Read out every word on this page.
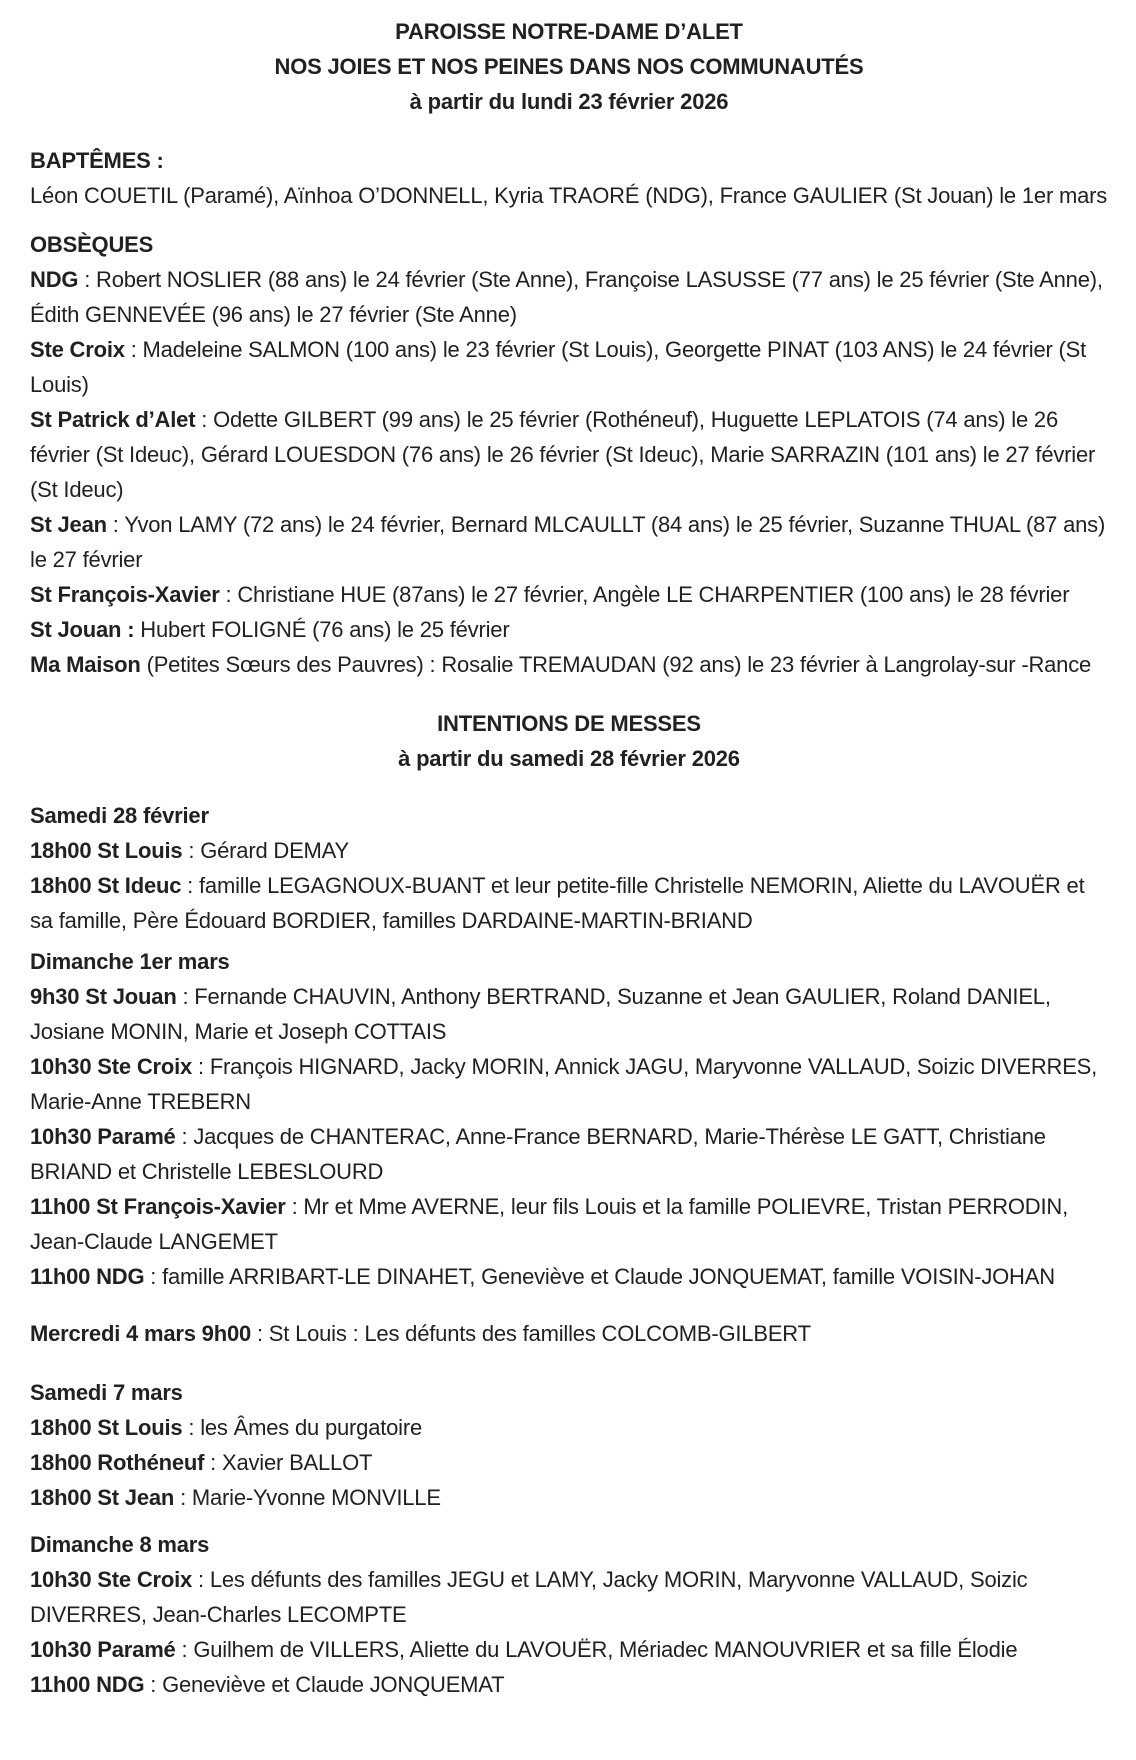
PAROISSE NOTRE-DAME D’ALET

NOS JOIES ET NOS PEINES DANS NOS COMMUNAUTÉS

à partir du lundi 23 février 2026

BAPTÊMES :

Léon COUETIL (Paramé), Aïnhoa O’DONNELL, Kyria TRAORÉ (NDG), France GAULIER (St Jouan) le 1er mars

OBSÈQUES

NDG : Robert NOSLIER (88 ans) le 24 février (Ste Anne), Françoise LASUSSE (77 ans) le 25 février (Ste Anne), Édith GENNEVÉE (96 ans) le 27 février (Ste Anne)

Ste Croix : Madeleine SALMON (100 ans) le 23 février (St Louis), Georgette PINAT (103 ANS) le 24 février (St Louis)

St Patrick d’Alet : Odette GILBERT (99 ans) le 25 février (Rothéneuf), Huguette LEPLATOIS (74 ans) le 26 février (St Ideuc), Gérard LOUESDON (76 ans) le 26 février (St Ideuc), Marie SARRAZIN (101 ans) le 27 février (St Ideuc)

St Jean : Yvon LAMY (72 ans) le 24 février, Bernard MLCAULLT (84 ans) le 25 février, Suzanne THUAL (87 ans) le 27 février

St François-Xavier : Christiane HUE (87ans) le 27 février, Angèle LE CHARPENTIER (100 ans) le 28 février

St Jouan : Hubert FOLIGNÉ (76 ans) le 25 février

Ma Maison (Petites Sœurs des Pauvres) : Rosalie TREMAUDAN (92 ans) le 23 février à Langrolay-sur -Rance

INTENTIONS DE MESSES

à partir du samedi 28 février 2026

Samedi 28 février

18h00 St Louis : Gérard DEMAY

18h00 St Ideuc : famille LEGAGNOUX-BUANT et leur petite-fille Christelle NEMORIN, Aliette du LAVOUËR et sa famille, Père Édouard BORDIER, familles DARDAINE-MARTIN-BRIAND

Dimanche 1er mars

9h30 St Jouan : Fernande CHAUVIN, Anthony BERTRAND, Suzanne et Jean GAULIER, Roland DANIEL, Josiane MONIN, Marie et Joseph COTTAIS

10h30 Ste Croix : François HIGNARD, Jacky MORIN, Annick JAGU, Maryvonne VALLAUD, Soizic DIVERRES, Marie-Anne TREBERN

10h30 Paramé : Jacques de CHANTERAC, Anne-France BERNARD, Marie-Thérèse LE GATT, Christiane BRIAND et Christelle LEBESLOURD

11h00 St François-Xavier : Mr et Mme AVERNE, leur fils Louis et la famille POLIEVRE, Tristan PERRODIN, Jean-Claude LANGEMET

11h00 NDG : famille ARRIBART-LE DINAHET, Geneviève et Claude JONQUEMAT, famille VOISIN-JOHAN

Mercredi 4 mars 9h00 : St Louis : Les défunts des familles COLCOMB-GILBERT

Samedi 7 mars

18h00 St Louis : les Âmes du purgatoire

18h00 Rothéneuf : Xavier BALLOT

18h00 St Jean : Marie-Yvonne MONVILLE

Dimanche 8 mars

10h30 Ste Croix : Les défunts des familles JEGU et LAMY, Jacky MORIN, Maryvonne VALLAUD, Soizic DIVERRES, Jean-Charles LECOMPTE

10h30 Paramé : Guilhem de VILLERS, Aliette du LAVOUËR, Mériadec MANOUVRIER et sa fille Élodie

11h00 NDG : Geneviève et Claude JONQUEMAT
